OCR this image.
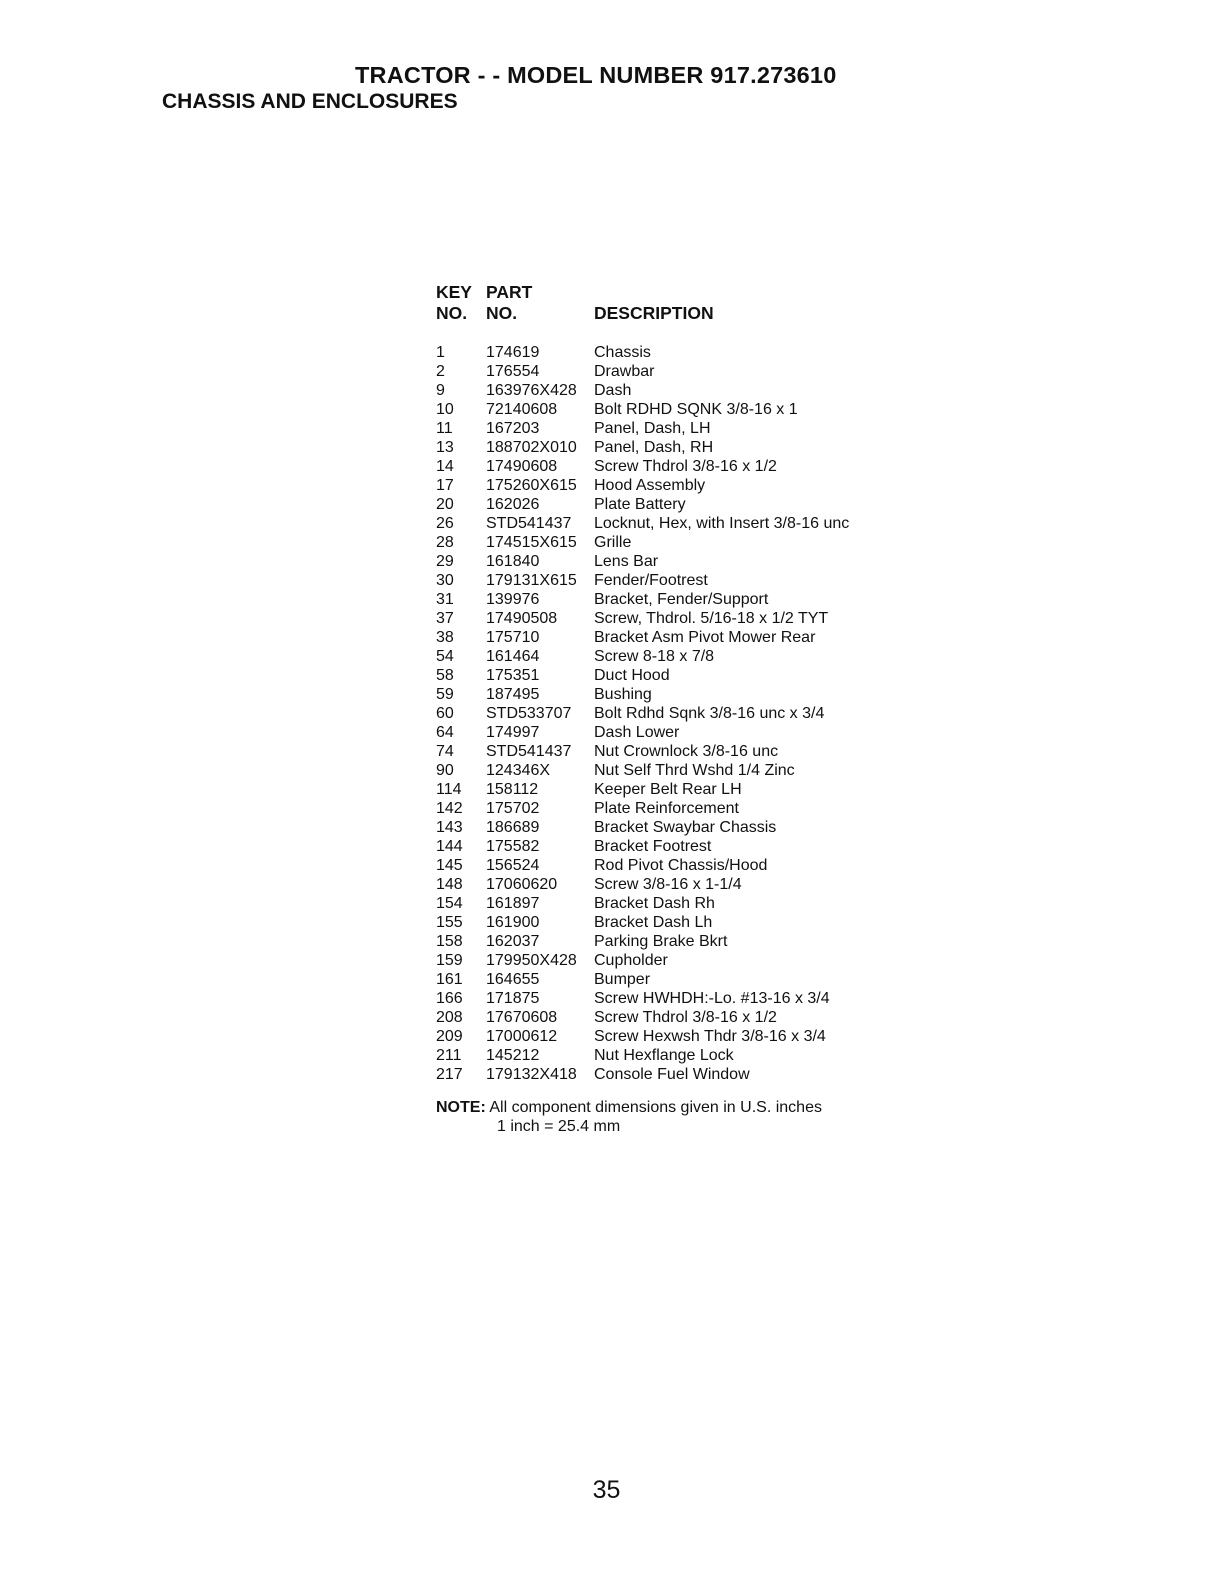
TRACTOR - - MODEL NUMBER 917.273610
CHASSIS AND ENCLOSURES
KEY PART
NO.	NO.	DESCRIPTION
1	174619	Chassis
2	176554	Drawbar
9	163976X428	Dash
10	72140608	Bolt RDHD SQNK 3/8-16 x 1
11	167203	Panel, Dash, LH
13	188702X010	Panel, Dash, RH
14	17490608	Screw Thdrol 3/8-16 x 1/2
17	175260X615	Hood Assembly
20	162026	Plate Battery
26	STD541437	Locknut, Hex, with Insert 3/8-16 unc
28	174515X615	Grille
29	161840	Lens Bar
30	179131X615	Fender/Footrest
31	139976	Bracket, Fender/Support
37	17490508	Screw, Thdrol. 5/16-18 x 1/2 TYT
38	175710	Bracket Asm Pivot Mower Rear
54	161464	Screw 8-18 x 7/8
58	175351	Duct Hood
59	187495	Bushing
60	STD533707	Bolt Rdhd Sqnk 3/8-16 unc x 3/4
64	174997	Dash Lower
74	STD541437	Nut Crownlock 3/8-16 unc
90	124346X	Nut Self Thrd Wshd 1/4 Zinc
114	158112	Keeper Belt Rear LH
142	175702	Plate Reinforcement
143	186689	Bracket Swaybar Chassis
144	175582	Bracket Footrest
145	156524	Rod Pivot Chassis/Hood
148	17060620	Screw 3/8-16 x 1-1/4
154	161897	Bracket Dash Rh
155	161900	Bracket Dash Lh
158	162037	Parking Brake Bkrt
159	179950X428	Cupholder
161	164655	Bumper
166	171875	Screw HWHDH:-Lo. #13-16 x 3/4
208	17670608	Screw Thdrol 3/8-16 x 1/2
209	17000612	Screw Hexwsh Thdr 3/8-16 x 3/4
211	145212	Nut Hexflange Lock
217	179132X418	Console Fuel Window
NOTE: All component dimensions given in U.S. inches
1 inch = 25.4 mm
35
